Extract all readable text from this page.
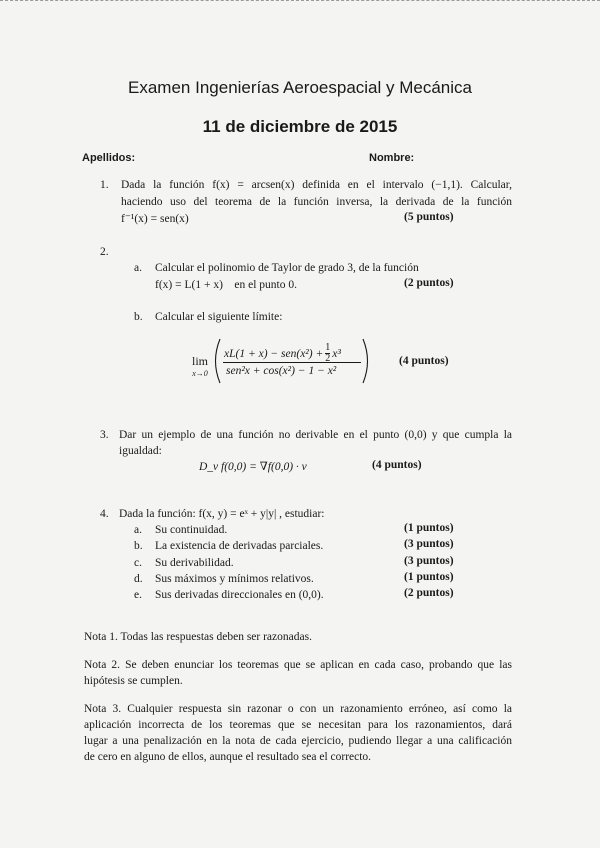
Examen Ingenierías Aeroespacial y Mecánica
11 de diciembre de 2015
Apellidos:	Nombre:
1. Dada la función f(x) = arcsen(x) definida en el intervalo (−1,1). Calcular,
haciendo uso del teorema de la función inversa, la derivada de la función
f⁻¹(x) = sen(x)	(5 puntos)
2.
a. Calcular el polinomio de Taylor de grado 3, de la función
f(x) = L(1 + x)    en el punto 0.	(2 puntos)
b. Calcular el siguiente límite:
lim
x→0
$xL(1 + x) - sen(x^2) + \frac{1}{2} x^3$
sen²x + cos(x²) − 1 − x²
(4 puntos)
3. Dar un ejemplo de una función no derivable en el punto (0,0) y que cumpla la
igualdad:
D_v f(0,0) = ∇f(0,0) · v	(4 puntos)
4. Dada la función: f(x, y) = eˣ + y|y| , estudiar:
a. Su continuidad.	(1 puntos)
b. La existencia de derivadas parciales.	(3 puntos)
c. Su derivabilidad.	(3 puntos)
d. Sus máximos y mínimos relativos.	(1 puntos)
e. Sus derivadas direccionales en (0,0).	(2 puntos)
Nota 1. Todas las respuestas deben ser razonadas.
Nota 2. Se deben enunciar los teoremas que se aplican en cada caso, probando que las
hipótesis se cumplen.
Nota 3. Cualquier respuesta sin razonar o con un razonamiento erróneo, así como la
aplicación incorrecta de los teoremas que se necesitan para los razonamientos, dará
lugar a una penalización en la nota de cada ejercicio, pudiendo llegar a una calificación
de cero en alguno de ellos, aunque el resultado sea el correcto.
